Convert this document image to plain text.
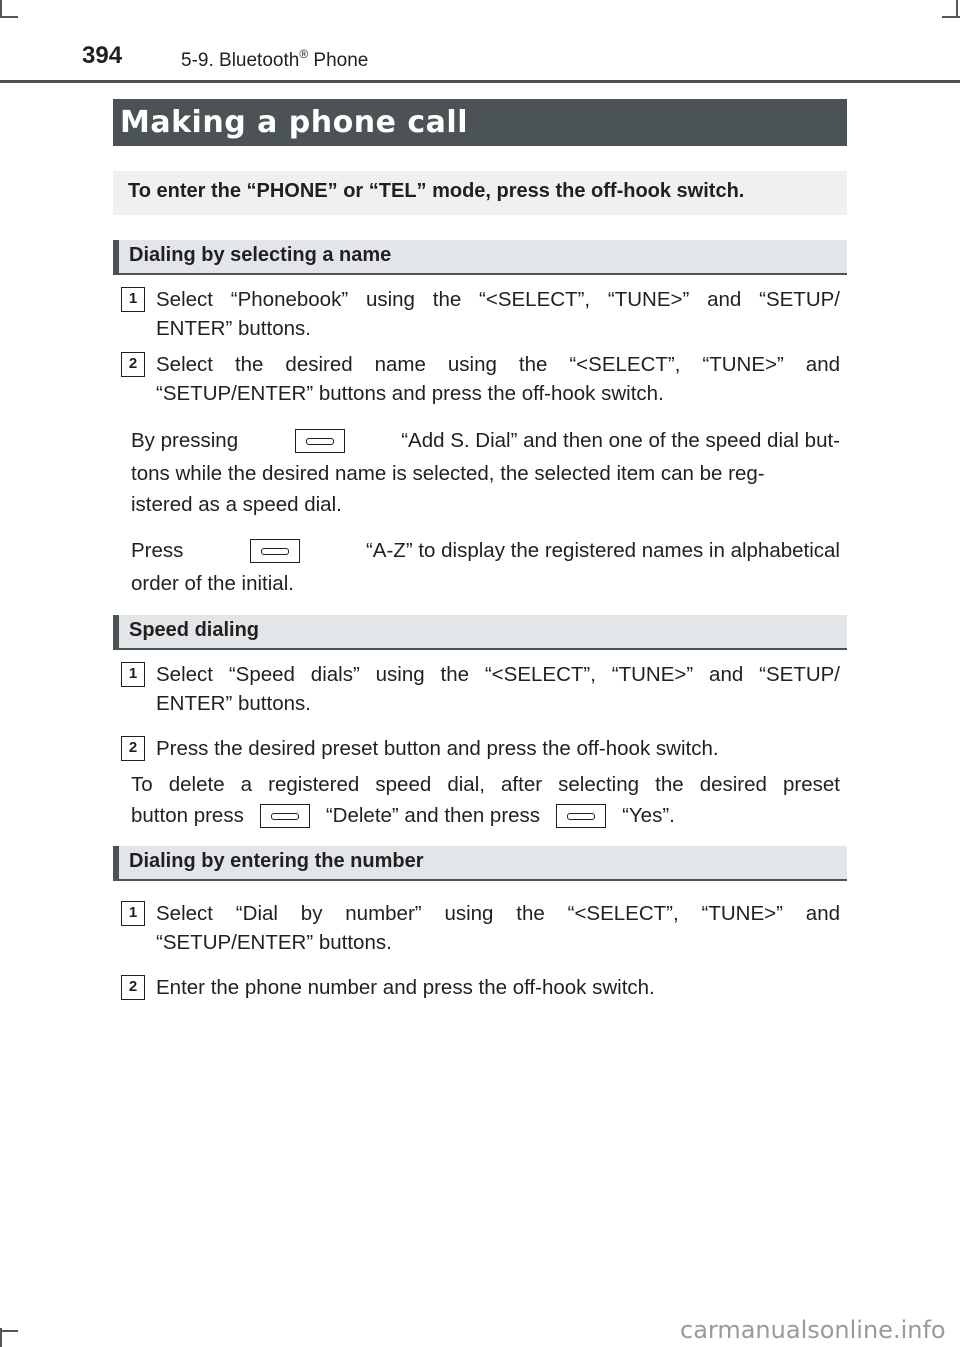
394	5-9. Bluetooth® Phone
Making a phone call
To enter the “PHONE” or “TEL” mode, press the off-hook switch.
Dialing by selecting a name
1 Select “Phonebook” using the “<SELECT”, “TUNE>” and “SETUP/
ENTER” buttons.
2 Select the desired name using the “<SELECT”, “TUNE>” and
“SETUP/ENTER” buttons and press the off-hook switch.
By pressing	“Add S. Dial” and then one of the speed dial but-
tons while the desired name is selected, the selected item can be reg-
istered as a speed dial.
Press	“A-Z” to display the registered names in alphabetical
order of the initial.
Speed dialing
1 Select “Speed dials” using the “<SELECT”, “TUNE>” and “SETUP/
ENTER” buttons.
2 Press the desired preset button and press the off-hook switch.
To delete a registered speed dial, after selecting the desired preset
button press	“Delete” and then press	“Yes”.
Dialing by entering the number
1 Select “Dial by number” using the “<SELECT”, “TUNE>” and
“SETUP/ENTER” buttons.
2 Enter the phone number and press the off-hook switch.
carmanualsonline.info
